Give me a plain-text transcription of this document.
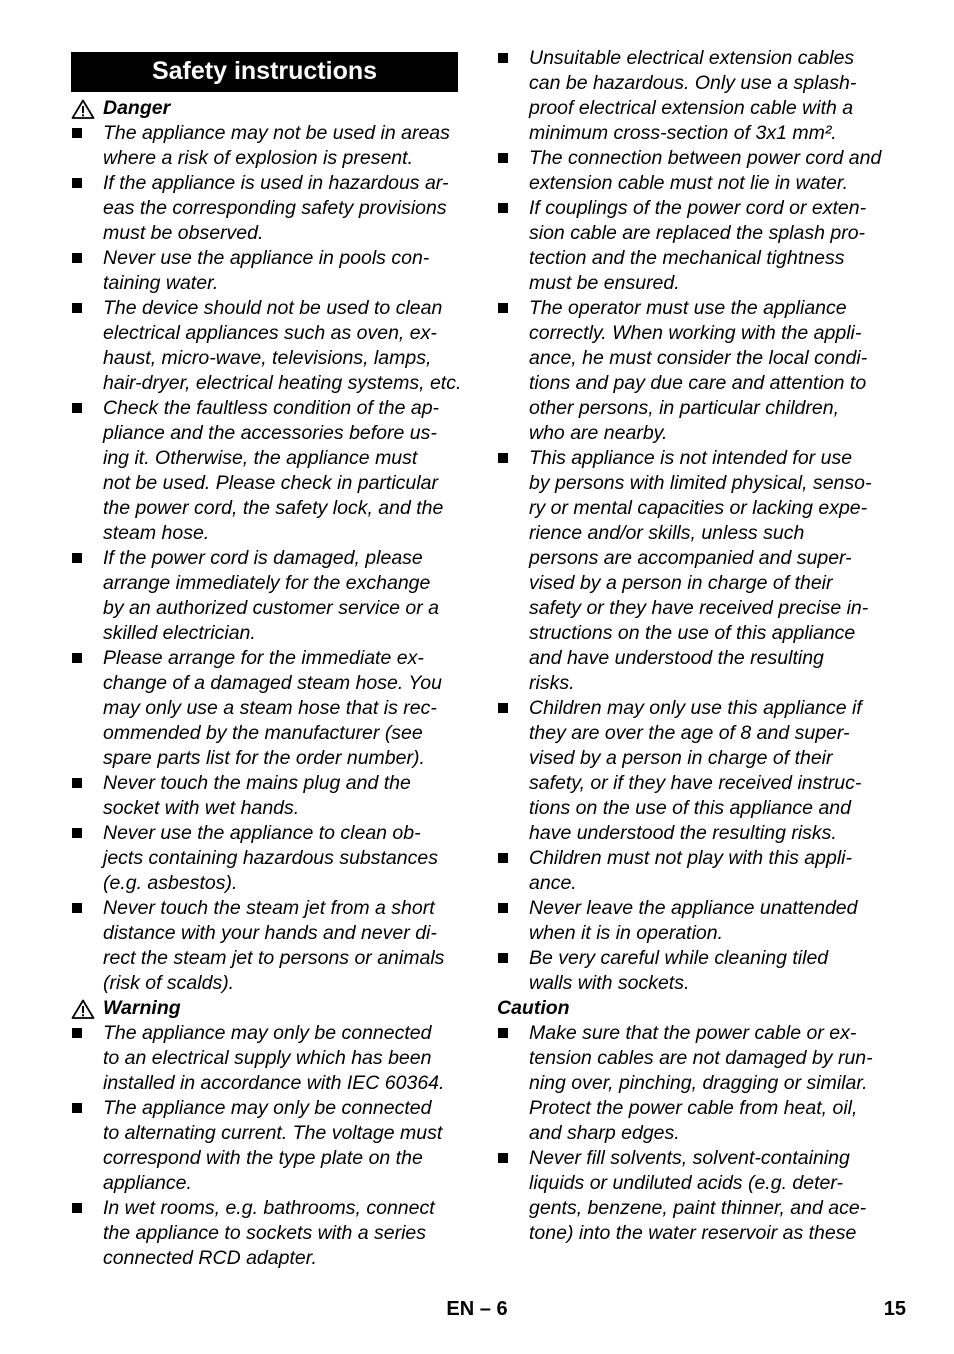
Safety instructions
Danger
The appliance may not be used in areas
where a risk of explosion is present.
If the appliance is used in hazardous ar-
eas the corresponding safety provisions
must be observed.
Never use the appliance in pools con-
taining water.
The device should not be used to clean
electrical appliances such as oven, ex-
haust, micro-wave, televisions, lamps,
hair-dryer, electrical heating systems, etc.
Check the faultless condition of the ap-
pliance and the accessories before us-
ing it. Otherwise, the appliance must
not be used. Please check in particular
the power cord, the safety lock, and the
steam hose.
If the power cord is damaged, please
arrange immediately for the exchange
by an authorized customer service or a
skilled electrician.
Please arrange for the immediate ex-
change of a damaged steam hose. You
may only use a steam hose that is rec-
ommended by the manufacturer (see
spare parts list for the order number).
Never touch the mains plug and the
socket with wet hands.
Never use the appliance to clean ob-
jects containing hazardous substances
(e.g. asbestos).
Never touch the steam jet from a short
distance with your hands and never di-
rect the steam jet to persons or animals
(risk of scalds).
Warning
The appliance may only be connected
to an electrical supply which has been
installed in accordance with IEC 60364.
The appliance may only be connected
to alternating current. The voltage must
correspond with the type plate on the
appliance.
In wet rooms, e.g. bathrooms, connect
the appliance to sockets with a series
connected RCD adapter.
Unsuitable electrical extension cables
can be hazardous. Only use a splash-
proof electrical extension cable with a
minimum cross-section of 3x1 mm².
The connection between power cord and
extension cable must not lie in water.
If couplings of the power cord or exten-
sion cable are replaced the splash pro-
tection and the mechanical tightness
must be ensured.
The operator must use the appliance
correctly. When working with the appli-
ance, he must consider the local condi-
tions and pay due care and attention to
other persons, in particular children,
who are nearby.
This appliance is not intended for use
by persons with limited physical, senso-
ry or mental capacities or lacking expe-
rience and/or skills, unless such
persons are accompanied and super-
vised by a person in charge of their
safety or they have received precise in-
structions on the use of this appliance
and have understood the resulting
risks.
Children may only use this appliance if
they are over the age of 8 and super-
vised by a person in charge of their
safety, or if they have received instruc-
tions on the use of this appliance and
have understood the resulting risks.
Children must not play with this appli-
ance.
Never leave the appliance unattended
when it is in operation.
Be very careful while cleaning tiled
walls with sockets.
Caution
Make sure that the power cable or ex-
tension cables are not damaged by run-
ning over, pinching, dragging or similar.
Protect the power cable from heat, oil,
and sharp edges.
Never fill solvents, solvent-containing
liquids or undiluted acids (e.g. deter-
gents, benzene, paint thinner, and ace-
tone) into the water reservoir as these
EN – 6	15
